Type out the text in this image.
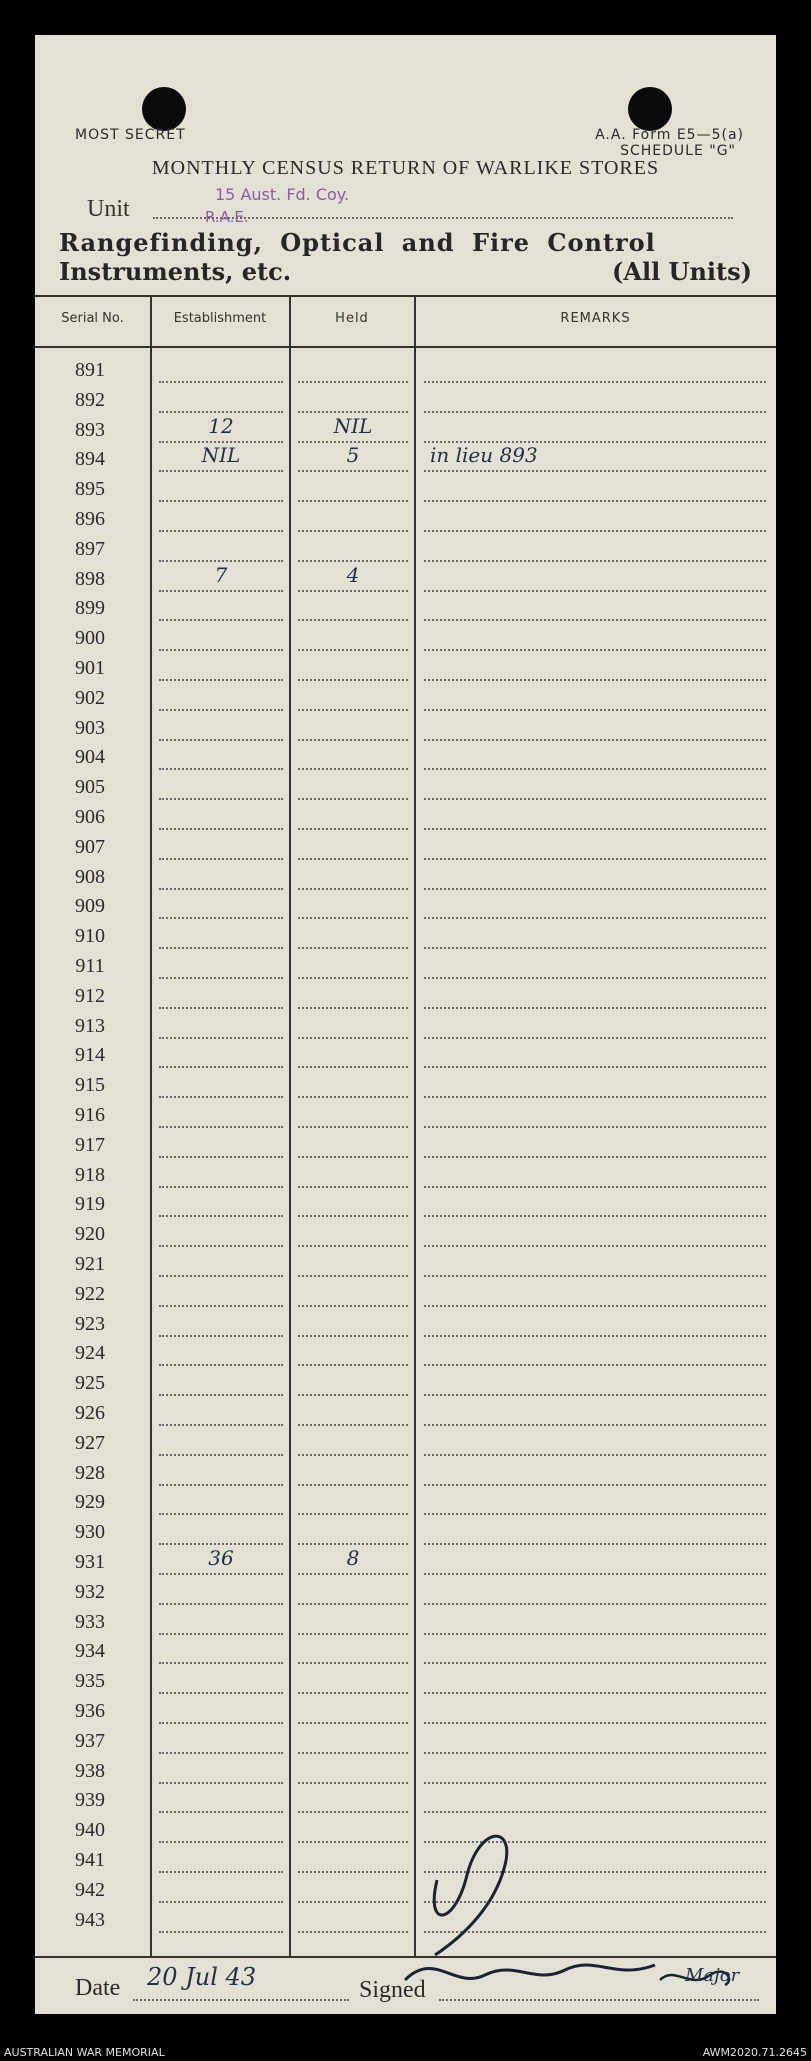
MOST SECRET	A.A. Form E5—5(a)
SCHEDULE "G"
MONTHLY CENSUS RETURN OF WARLIKE STORES
Unit
15 Aust. Fd. Coy.
R.A.E.
Rangefinding, Optical and Fire Control
Instruments, etc.	(All Units)
Serial No.	Establishment	Held	REMARKS
891
892
893	12	NIL
894	NIL	5	in lieu 893
895
896
897
898	7	4
899
900
901
902
903
904
905
906
907
908
909
910
911
912
913
914
915
916
917
918
919
920
921
922
923
924
925
926
927
928
929
930
931	36	8
932
933
934
935
936
937
938
939
940
941
942
943
Date 20 Jul 43	Signed
Major
AUSTRALIAN WAR MEMORIAL	AWM2020.71.2645
